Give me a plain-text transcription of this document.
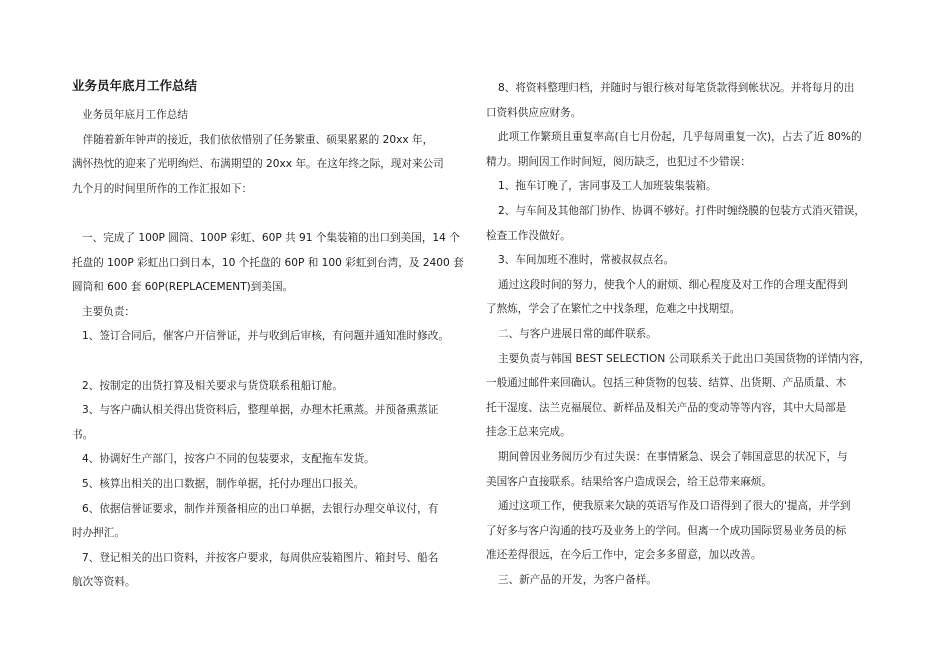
业务员年底月工作总结
业务员年底月工作总结
　伴随着新年钟声的接近，我们依依惜别了任务繁重、硕果累累的 20xx 年，
满怀热忱的迎来了光明绚烂、布满期望的 20xx 年。在这年终之际，现对来公司
九个月的时间里所作的工作汇报如下：
一、完成了 100P 圆筒、100P 彩虹、60P 共 91 个集装箱的出口到美国，14 个
托盘的 100P 彩虹出口到日本，10 个托盘的 60P 和 100 彩虹到台湾，及 2400 套
圆筒和 600 套 60P(REPLACEMENT)到美国。
主要负责：
1、签订合同后，催客户开信誉证，并与收到后审核，有问题并通知准时修改。
2、按制定的出货打算及相关要求与货贷联系租船订舱。
3、与客户确认相关得出货资料后，整理单据，办理木托熏蒸。并预备熏蒸证
书。
4、协调好生产部门，按客户不同的包装要求，支配拖车发货。
5、核算出相关的出口数据，制作单据，托付办理出口报关。
6、依据信誉证要求，制作并预备相应的出口单据，去银行办理交单议付，有
时办押汇。
7、登记相关的出口资料，并按客户要求，每周供应装箱图片、箱封号、船名
航次等资料。
8、将资料整理归档，并随时与银行核对每笔货款得到帐状况。并将每月的出
口资料供应应财务。
此项工作繁琐且重复率高(自七月份起，几乎每周重复一次)，占去了近 80%的
精力。期间因工作时间短，阅历缺乏，也犯过不少错误：
1、拖车订晚了，害同事及工人加班装集装箱。
2、与车间及其他部门协作、协调不够好。打件时缠绕膜的包装方式消灭错误，
检查工作没做好。
3、车间加班不准时，常被叔叔点名。
通过这段时间的努力，使我个人的耐烦、细心程度及对工作的合理支配得到
了熬炼，学会了在繁忙之中找条理，危难之中找期望。
二、与客户进展日常的邮件联系。
主要负责与韩国 BEST SELECTION 公司联系关于此出口美国货物的详情内容，
一般通过邮件来回确认。包括三种货物的包装、结算、出货期、产品质量、木
托干湿度、法兰克福展位、新样品及相关产品的变动等等内容，其中大局部是
挂念王总来完成。
期间曾因业务阅历少有过失误：在事情紧急、误会了韩国意思的状况下，与
美国客户直接联系。结果给客户造成误会，给王总带来麻烦。
通过这项工作，使我原来欠缺的英语写作及口语得到了很大的'提高，并学到
了好多与客户沟通的技巧及业务上的学问。但离一个成功国际贸易业务员的标
准还差得很远，在今后工作中，定会多多留意，加以改善。
三、新产品的开发，为客户备样。
